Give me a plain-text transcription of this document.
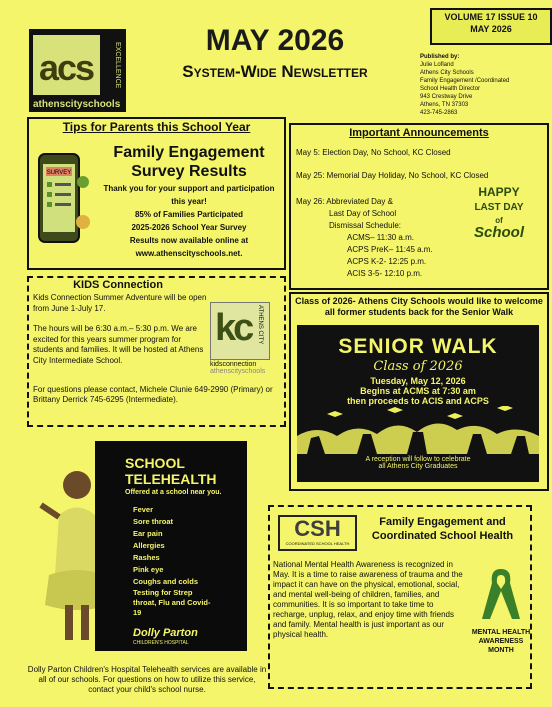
acs	EXCELLENCE
athenscityschools
MAY 2026
System-Wide Newsletter
VOLUME 17 ISSUE 10
MAY 2026
Published by:
Julie Lofland
Athens City Schools
Family Engagement /Coordinated
School Health Director
943 Crestway Drive
Athens, TN 37303
423-745-2863
Tips for Parents this School Year
SURVEY
Family Engagement Survey Results
Thank you for your support and participation this year!
85% of Families Participated
2025-2026 School Year Survey
Results now available online at
www.athenscityschools.net.
Important Announcements
May 5: Election Day, No School, KC Closed
May 25: Memorial Day Holiday, No School, KC Closed
May 26: Abbreviated Day &
Last Day of School
Dismissal Schedule:
ACMS– 11:30 a.m.
ACPS PreK– 11:45 a.m.
ACPS K-2- 12:25 p.m.
ACIS 3-5- 12:10 p.m.
HAPPY
LAST DAY
of
School
KIDS Connection
Kids Connection Summer Adventure will be open from June 1-July 17.
The hours will be 6:30 a.m.– 5:30 p.m. We are excited for this years summer program for students and families. It will be hosted at Athens City Intermediate School.
kc ATHENS CITY
kidsconnection
athenscityschools
For questions please contact, Michele Clunie 649-2990 (Primary) or Brittany Derrick 745-6295 (Intermediate).
Class of 2026- Athens City Schools would like to welcome all former students back for the Senior Walk
SENIOR WALK
Class of 2026
Tuesday, May 12, 2026
Begins at ACMS at 7:30 am
then proceeds to ACIS and ACPS
A reception will follow to celebrate
all Athens City Graduates
SCHOOL TELEHEALTH
Offered at a school near you.
Fever
Sore throat
Ear pain
Allergies
Rashes
Pink eye
Coughs and colds
Testing for Strep throat, Flu and Covid-19
Dolly Parton
CHILDREN'S HOSPITAL
Dolly Parton Children's Hospital Telehealth services are available in all of our schools. For questions on how to utilize this service, contact your child's school nurse.
CSH
COORDINATED SCHOOL HEALTH
Family Engagement and Coordinated School Health
National Mental Health Awareness is recognized in May. It is a time to raise awareness of trauma and the impact it can have on the physical, emotional, social, and mental well-being of children, families, and communities. It is so important to take time to recharge, unplug, relax, and enjoy time with friends and family. Mental health is just important as our physical health.	MENTAL HEALTH AWARENESS MONTH
